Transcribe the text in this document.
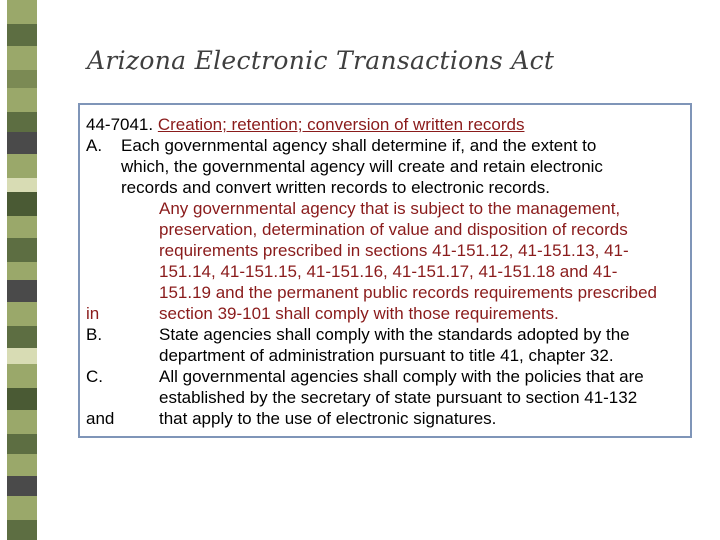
Arizona Electronic Transactions Act
44-7041. Creation; retention; conversion of written records
A. Each governmental agency shall determine if, and the extent to
which, the governmental agency will create and retain electronic
records and convert written records to electronic records.
Any governmental agency that is subject to the management,
preservation, determination of value and disposition of records
requirements prescribed in sections 41-151.12, 41-151.13, 41-
151.14, 41-151.15, 41-151.16, 41-151.17, 41-151.18 and 41-
151.19 and the permanent public records requirements prescribed
in	section 39-101 shall comply with those requirements.
B.	State agencies shall comply with the standards adopted by the
department of administration pursuant to title 41, chapter 32.
C.	All governmental agencies shall comply with the policies that are
established by the secretary of state pursuant to section 41-132
and	that apply to the use of electronic signatures.
